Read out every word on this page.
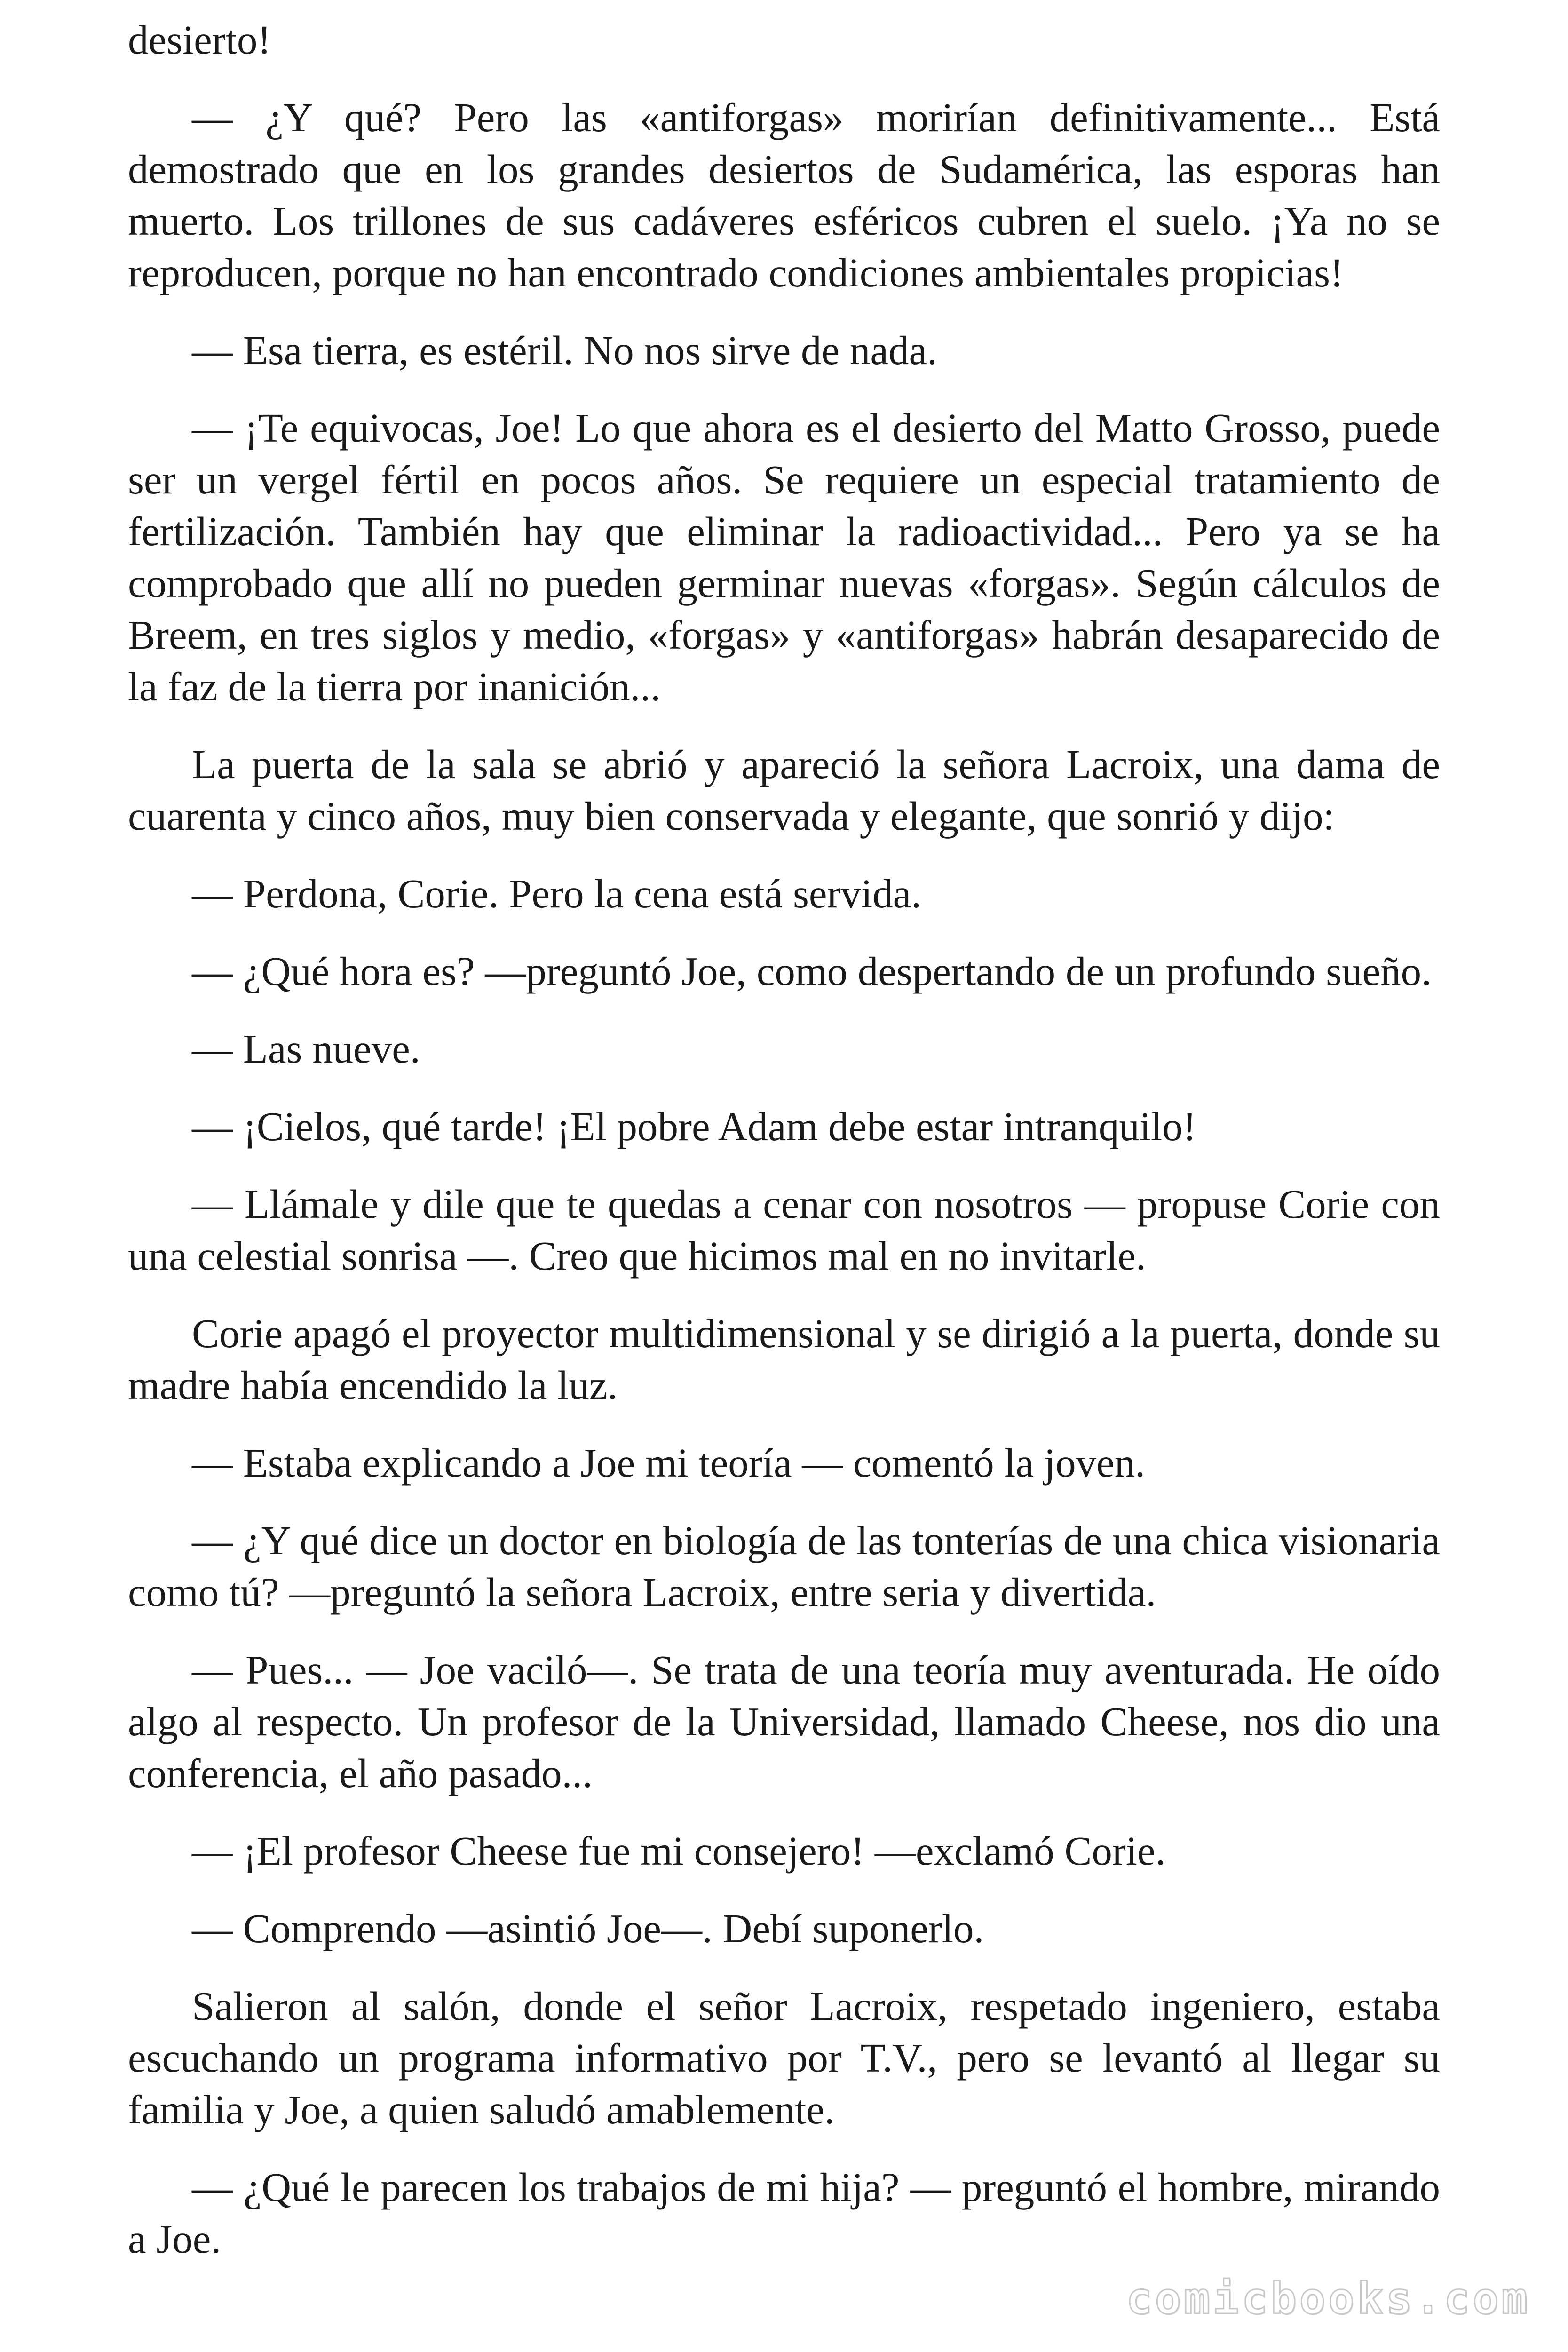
desierto!

— ¿Y qué? Pero las «antiforgas» morirían definitivamente... Está demostrado que en los grandes desiertos de Sudamérica, las esporas han muerto. Los trillones de sus cadáveres esféricos cubren el suelo. ¡Ya no se reproducen, porque no han encontrado condiciones ambientales propicias!

— Esa tierra, es estéril. No nos sirve de nada.

— ¡Te equivocas, Joe! Lo que ahora es el desierto del Matto Grosso, puede ser un vergel fértil en pocos años. Se requiere un especial tratamiento de fertilización. También hay que eliminar la radioactividad... Pero ya se ha comprobado que allí no pueden germinar nuevas «forgas». Según cálculos de Breem, en tres siglos y medio, «forgas» y «antiforgas» habrán desaparecido de la faz de la tierra por inanición...

La puerta de la sala se abrió y apareció la señora Lacroix, una dama de cuarenta y cinco años, muy bien conservada y elegante, que sonrió y dijo:

— Perdona, Corie. Pero la cena está servida.

— ¿Qué hora es? —preguntó Joe, como despertando de un profundo sueño.

— Las nueve.

— ¡Cielos, qué tarde! ¡El pobre Adam debe estar intranquilo!

— Llámale y dile que te quedas a cenar con nosotros — propuse Corie con una celestial sonrisa —. Creo que hicimos mal en no invitarle.

Corie apagó el proyector multidimensional y se dirigió a la puerta, donde su madre había encendido la luz.

— Estaba explicando a Joe mi teoría — comentó la joven.

— ¿Y qué dice un doctor en biología de las tonterías de una chica visionaria como tú? —preguntó la señora Lacroix, entre seria y divertida.

— Pues... — Joe vaciló—. Se trata de una teoría muy aventurada. He oído algo al respecto. Un profesor de la Universidad, llamado Cheese, nos dio una conferencia, el año pasado...

— ¡El profesor Cheese fue mi consejero! —exclamó Corie.

— Comprendo —asintió Joe—. Debí suponerlo.

Salieron al salón, donde el señor Lacroix, respetado ingeniero, estaba escuchando un programa informativo por T.V., pero se levantó al llegar su familia y Joe, a quien saludó amablemente.

— ¿Qué le parecen los trabajos de mi hija? — preguntó el hombre, mirando a Joe.

comicbooks.com
